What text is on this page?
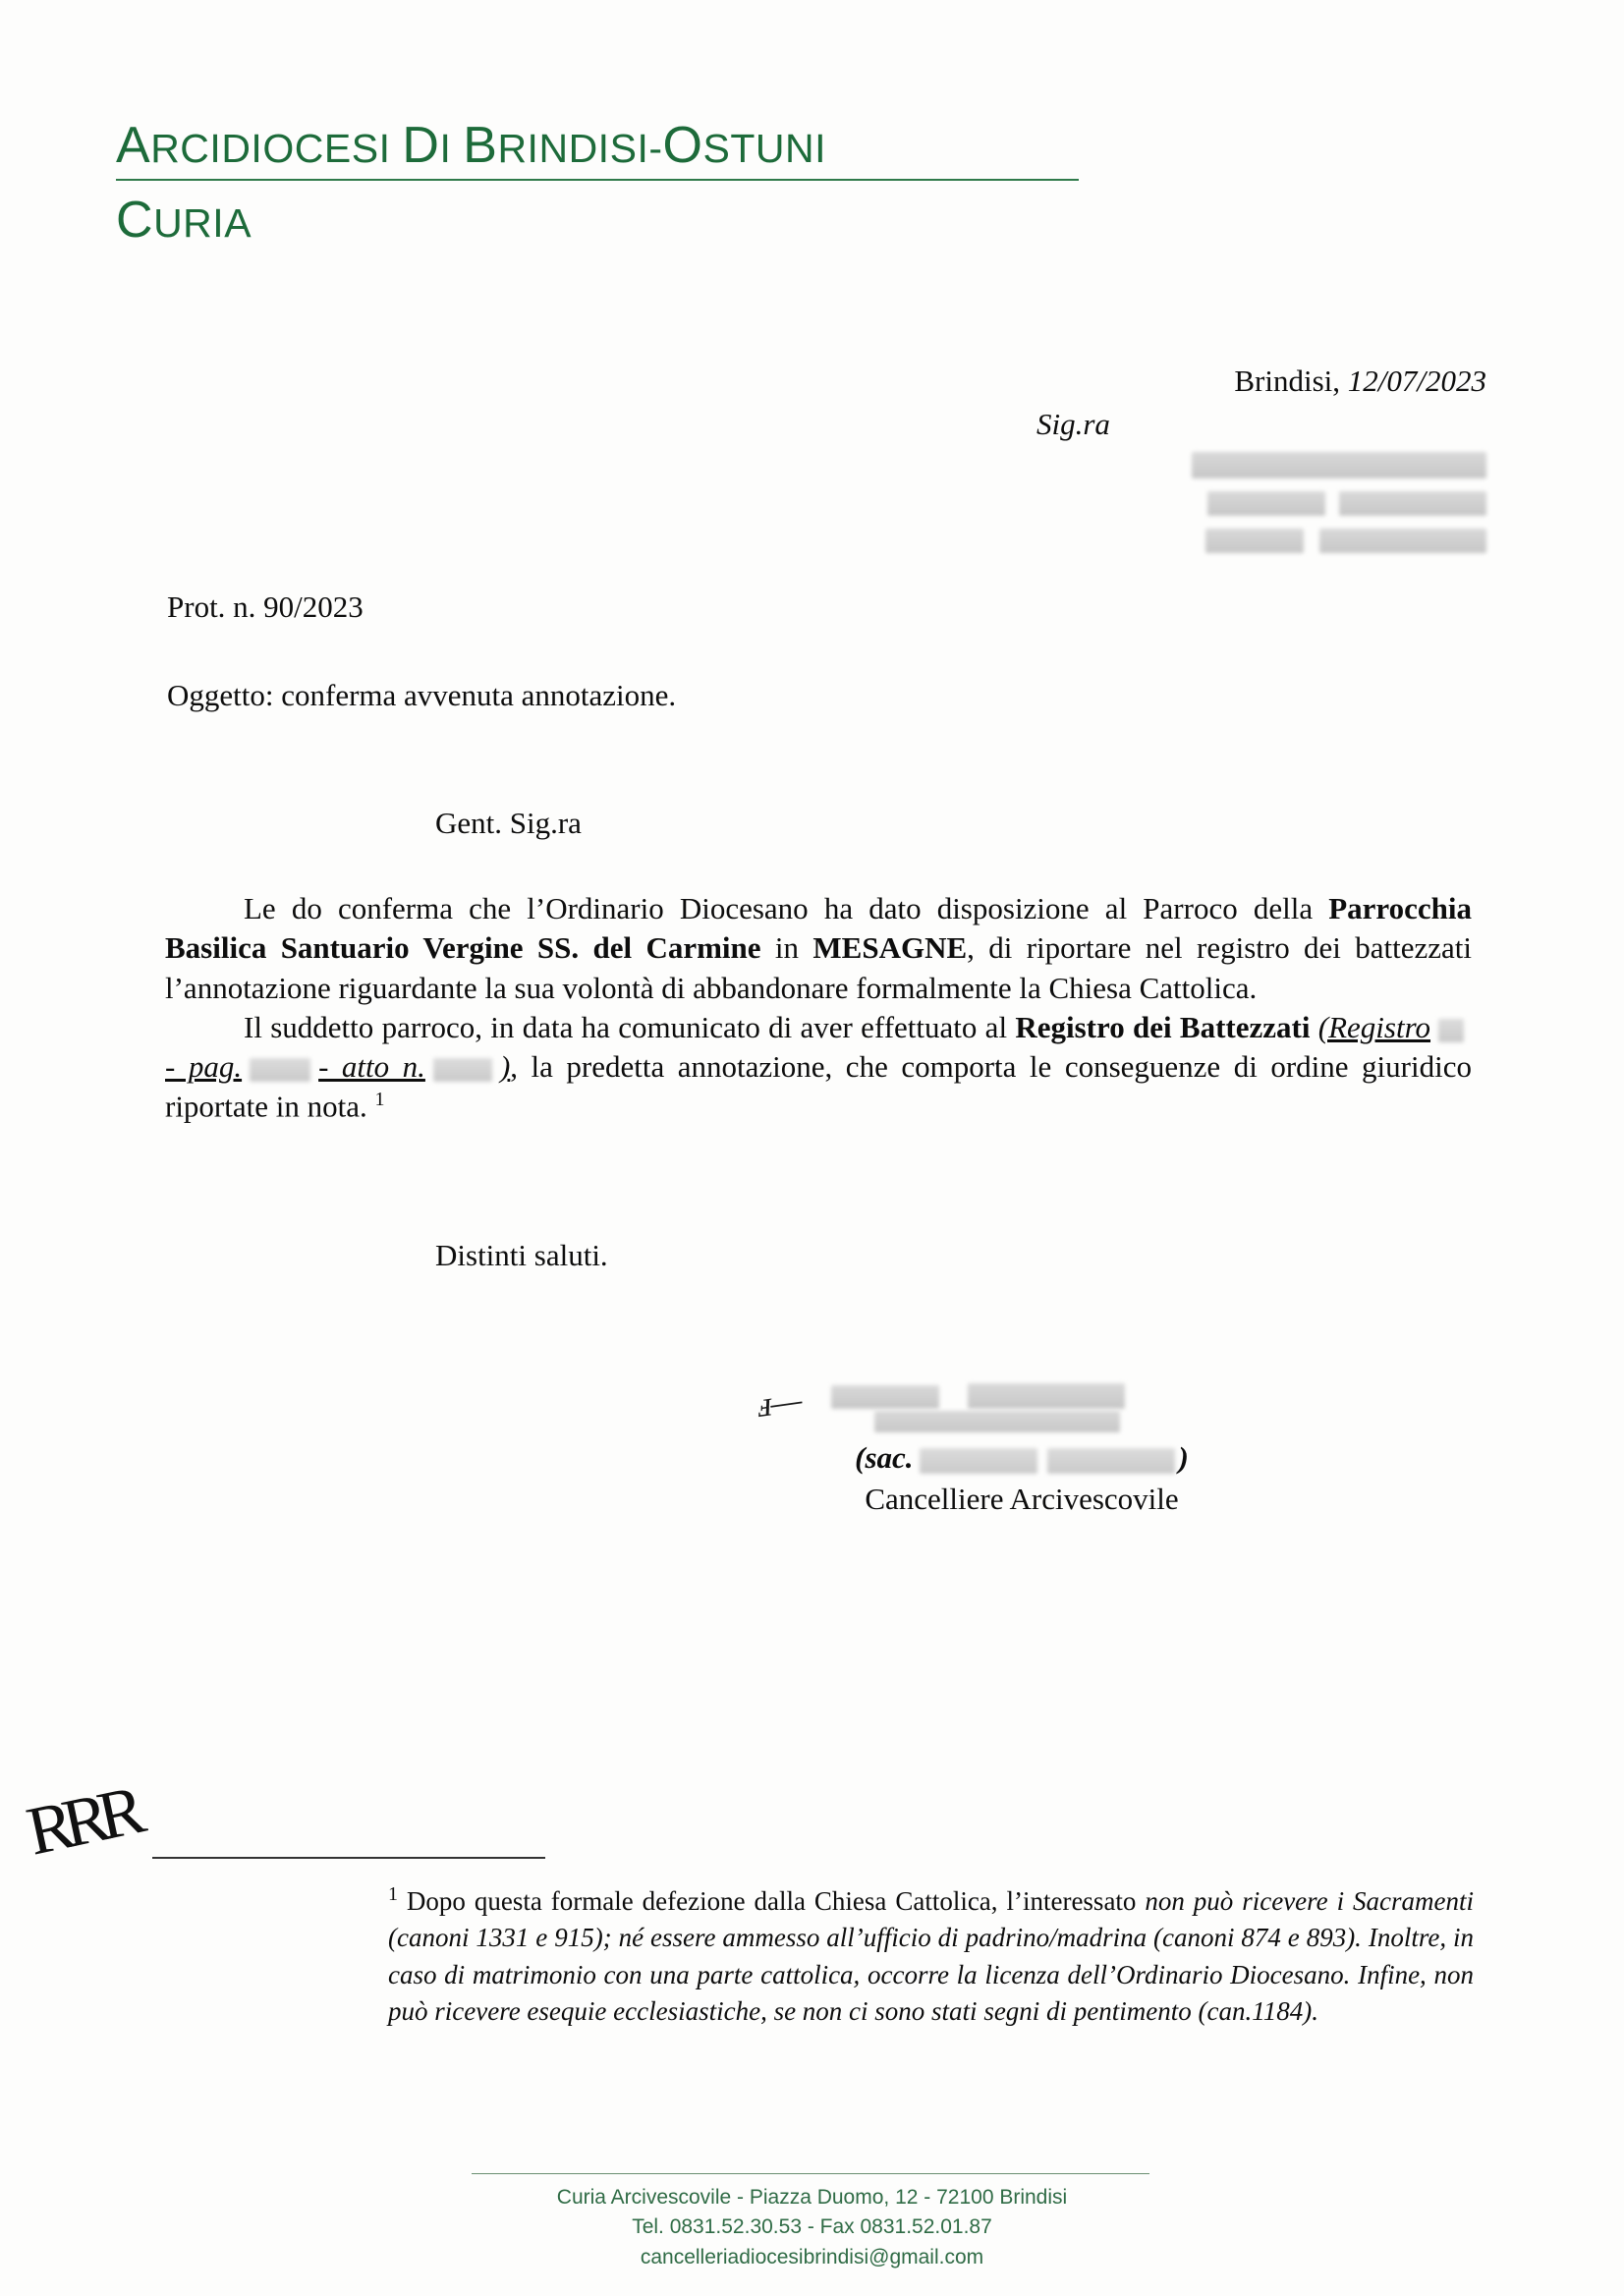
ARCIDIOCESI DI BRINDISI-OSTUNI
CURIA
Brindisi, 12/07/2023
Sig.ra
Prot. n. 90/2023
Oggetto: conferma avvenuta annotazione.
Gent. Sig.ra

Le do conferma che l’Ordinario Diocesano ha dato disposizione al Parroco della Parrocchia Basilica Santuario Vergine SS. del Carmine in MESAGNE, di riportare nel registro dei battezzati l’annotazione riguardante la sua volontà di abbandonare formalmente la Chiesa Cattolica.

Il suddetto parroco, in data ha comunicato di aver effettuato al Registro dei Battezzati (Registro- pag.	- atto n. ), la predetta annotazione, che comporta le conseguenze di ordine giuridico riportate in nota. $^1$

Distinti saluti.
ⅎ—
(sac.	)
Cancelliere Arcivescovile
RRR
$^1$ Dopo questa formale defezione dalla Chiesa Cattolica, l’interessato non può ricevere i Sacramenti (canoni 1331 e 915); né essere ammesso all’ufficio di padrino/madrina (canoni 874 e 893). Inoltre, in caso di matrimonio con una parte cattolica, occorre la licenza dell’Ordinario Diocesano. Infine, non può ricevere esequie ecclesiastiche, se non ci sono stati segni di pentimento (can.1184).
Curia Arcivescovile - Piazza Duomo, 12 - 72100 Brindisi
Tel. 0831.52.30.53 - Fax 0831.52.01.87
cancelleriadiocesibrindisi@gmail.com
